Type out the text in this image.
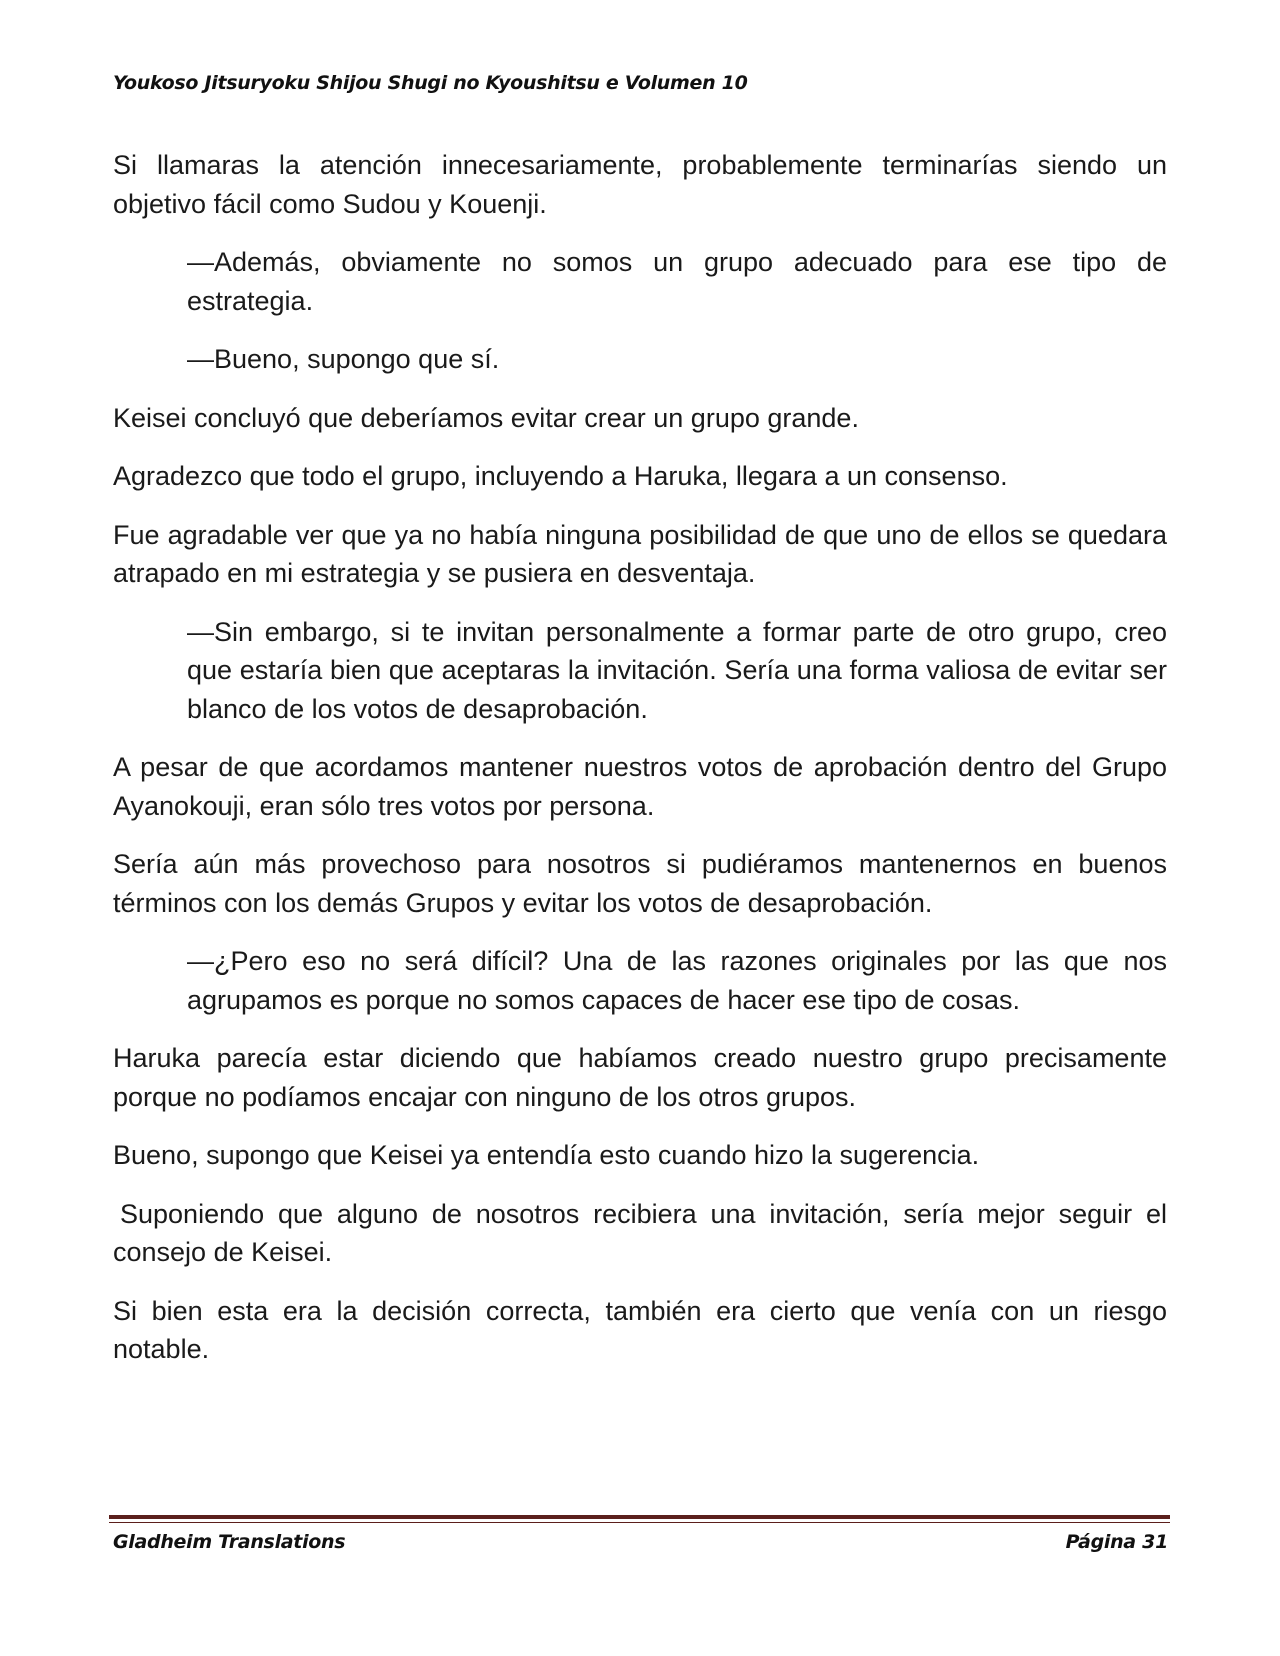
Youkoso Jitsuryoku Shijou Shugi no Kyoushitsu e Volumen 10

Si llamaras la atención innecesariamente, probablemente terminarías siendo un objetivo fácil como Sudou y Kouenji.

—Además, obviamente no somos un grupo adecuado para ese tipo de estrategia.

—Bueno, supongo que sí.

Keisei concluyó que deberíamos evitar crear un grupo grande.

Agradezco que todo el grupo, incluyendo a Haruka, llegara a un consenso.

Fue agradable ver que ya no había ninguna posibilidad de que uno de ellos se quedara atrapado en mi estrategia y se pusiera en desventaja.

—Sin embargo, si te invitan personalmente a formar parte de otro grupo, creo que estaría bien que aceptaras la invitación. Sería una forma valiosa de evitar ser blanco de los votos de desaprobación.

A pesar de que acordamos mantener nuestros votos de aprobación dentro del Grupo Ayanokouji, eran sólo tres votos por persona.

Sería aún más provechoso para nosotros si pudiéramos mantenernos en buenos términos con los demás Grupos y evitar los votos de desaprobación.

—¿Pero eso no será difícil? Una de las razones originales por las que nos agrupamos es porque no somos capaces de hacer ese tipo de cosas.

Haruka parecía estar diciendo que habíamos creado nuestro grupo precisamente porque no podíamos encajar con ninguno de los otros grupos.

Bueno, supongo que Keisei ya entendía esto cuando hizo la sugerencia.

Suponiendo que alguno de nosotros recibiera una invitación, sería mejor seguir el consejo de Keisei.

Si bien esta era la decisión correcta, también era cierto que venía con un riesgo notable.

Gladheim Translations	Página 31
